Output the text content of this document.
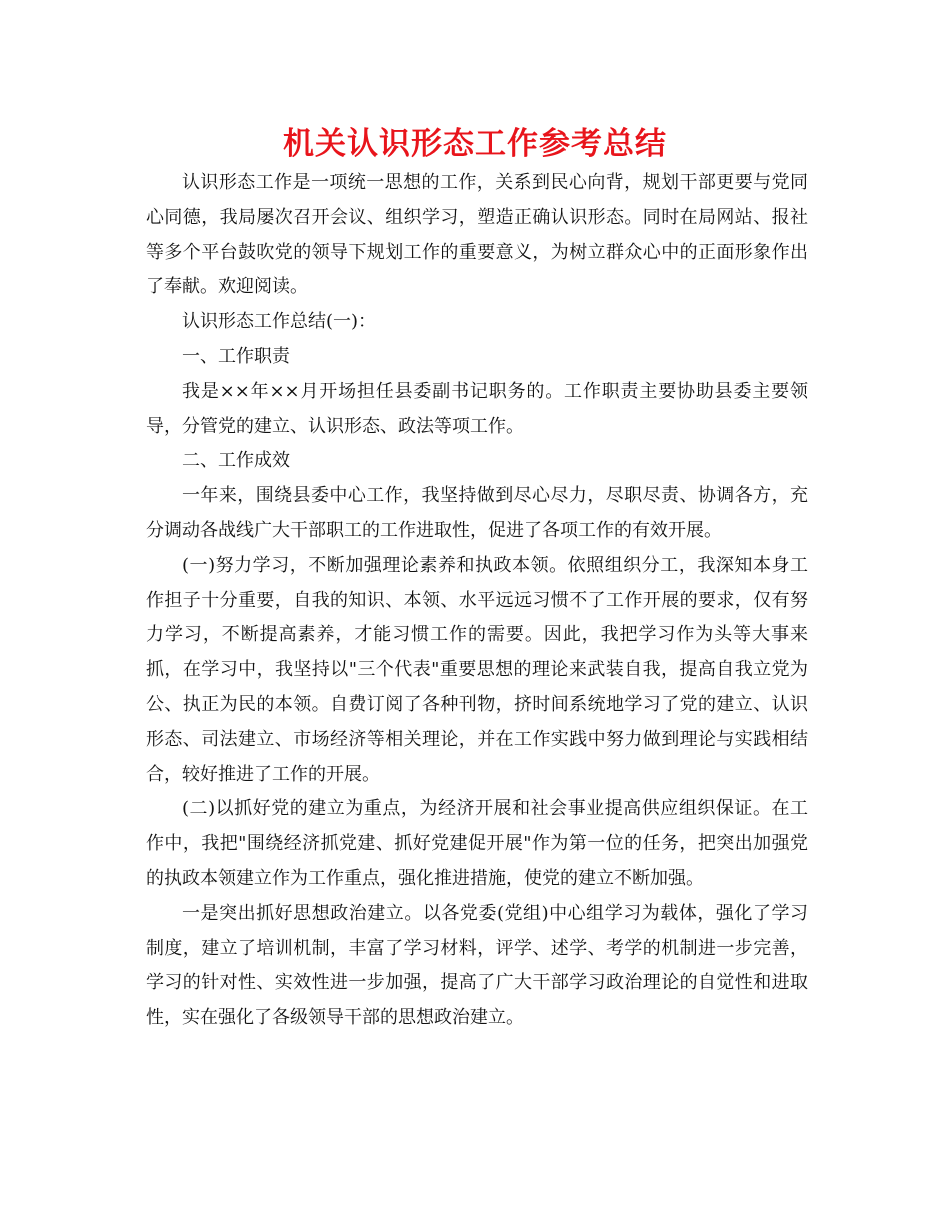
机关认识形态工作参考总结

认识形态工作是一项统一思想的工作，关系到民心向背，规划干部更要与党同心同德，我局屡次召开会议、组织学习，塑造正确认识形态。同时在局网站、报社等多个平台鼓吹党的领导下规划工作的重要意义，为树立群众心中的正面形象作出了奉献。欢迎阅读。

认识形态工作总结(一)：

一、工作职责

我是××年××月开场担任县委副书记职务的。工作职责主要协助县委主要领导，分管党的建立、认识形态、政法等项工作。

二、工作成效

一年来，围绕县委中心工作，我坚持做到尽心尽力，尽职尽责、协调各方，充分调动各战线广大干部职工的工作进取性，促进了各项工作的有效开展。

(一)努力学习，不断加强理论素养和执政本领。依照组织分工，我深知本身工作担子十分重要，自我的知识、本领、水平远远习惯不了工作开展的要求，仅有努力学习，不断提高素养，才能习惯工作的需要。因此，我把学习作为头等大事来抓，在学习中，我坚持以"三个代表"重要思想的理论来武装自我，提高自我立党为公、执正为民的本领。自费订阅了各种刊物，挤时间系统地学习了党的建立、认识形态、司法建立、市场经济等相关理论，并在工作实践中努力做到理论与实践相结合，较好推进了工作的开展。

(二)以抓好党的建立为重点，为经济开展和社会事业提高供应组织保证。在工作中，我把"围绕经济抓党建、抓好党建促开展"作为第一位的任务，把突出加强党的执政本领建立作为工作重点，强化推进措施，使党的建立不断加强。

一是突出抓好思想政治建立。以各党委(党组)中心组学习为载体，强化了学习制度，建立了培训机制，丰富了学习材料，评学、述学、考学的机制进一步完善，学习的针对性、实效性进一步加强，提高了广大干部学习政治理论的自觉性和进取性，实在强化了各级领导干部的思想政治建立。
